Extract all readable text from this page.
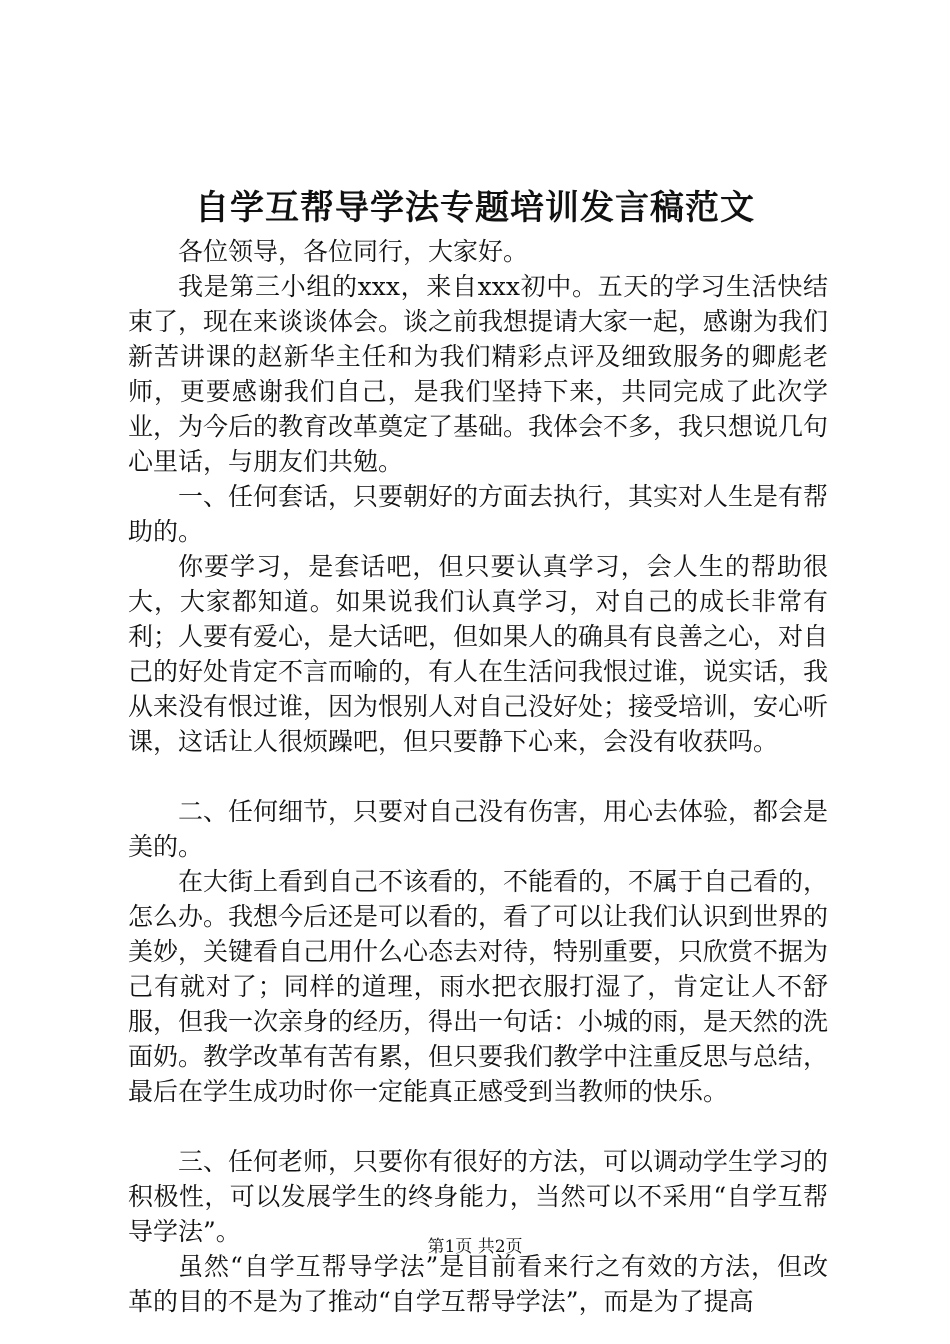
自学互帮导学法专题培训发言稿范文

各位领导，各位同行，大家好。

我是第三小组的xxx，来自xxx初中。五天的学习生活快结束了，现在来谈谈体会。谈之前我想提请大家一起，感谢为我们新苦讲课的赵新华主任和为我们精彩点评及细致服务的卿彪老师，更要感谢我们自己，是我们坚持下来，共同完成了此次学业，为今后的教育改革奠定了基础。我体会不多，我只想说几句心里话，与朋友们共勉。

一、任何套话，只要朝好的方面去执行，其实对人生是有帮助的。

你要学习，是套话吧，但只要认真学习，会人生的帮助很大，大家都知道。如果说我们认真学习，对自己的成长非常有利；人要有爱心，是大话吧，但如果人的确具有良善之心，对自己的好处肯定不言而喻的，有人在生活问我恨过谁，说实话，我从来没有恨过谁，因为恨别人对自己没好处；接受培训，安心听课，这话让人很烦躁吧，但只要静下心来，会没有收获吗。

二、任何细节，只要对自己没有伤害，用心去体验，都会是美的。

在大街上看到自己不该看的，不能看的，不属于自己看的，怎么办。我想今后还是可以看的，看了可以让我们认识到世界的美妙，关键看自己用什么心态去对待，特别重要，只欣赏不据为己有就对了；同样的道理，雨水把衣服打湿了，肯定让人不舒服，但我一次亲身的经历，得出一句话：小城的雨，是天然的洗面奶。教学改革有苦有累，但只要我们教学中注重反思与总结，最后在学生成功时你一定能真正感受到当教师的快乐。

三、任何老师，只要你有很好的方法，可以调动学生学习的积极性，可以发展学生的终身能力，当然可以不采用“自学互帮导学法”。

虽然“自学互帮导学法”是目前看来行之有效的方法，但改革的目的不是为了推动“自学互帮导学法”，而是为了提高

第1页 共2页
